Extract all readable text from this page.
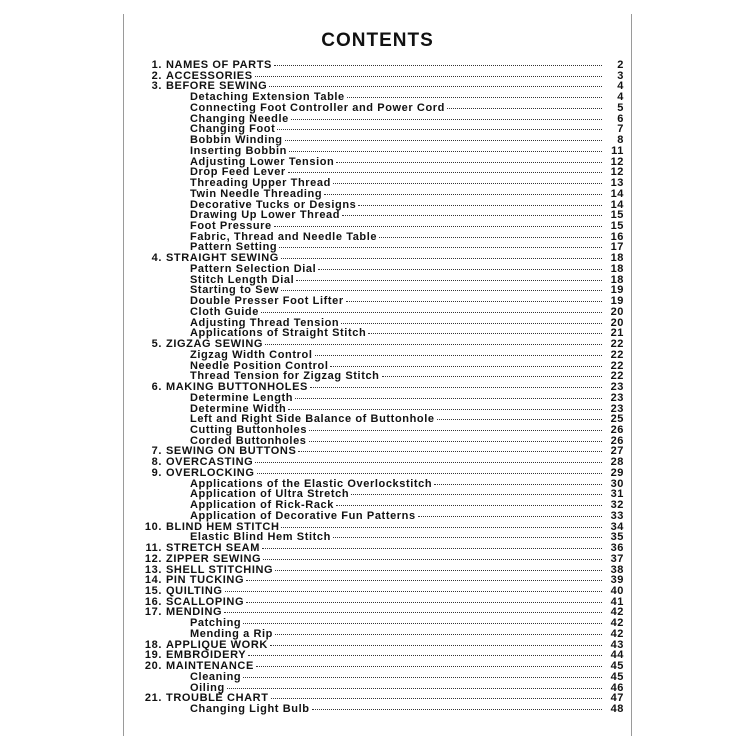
CONTENTS
1. NAMES OF PARTS	2
2. ACCESSORIES	3
3. BEFORE SEWING	4
Detaching Extension Table	4
Connecting Foot Controller and Power Cord	5
Changing Needle	6
Changing Foot	7
Bobbin Winding	8
Inserting Bobbin	11
Adjusting Lower Tension	12
Drop Feed Lever	12
Threading Upper Thread	13
Twin Needle Threading	14
Decorative Tucks or Designs	14
Drawing Up Lower Thread	15
Foot Pressure	15
Fabric, Thread and Needle Table	16
Pattern Setting	17
4. STRAIGHT SEWING	18
Pattern Selection Dial	18
Stitch Length Dial	18
Starting to Sew	19
Double Presser Foot Lifter	19
Cloth Guide	20
Adjusting Thread Tension	20
Applications of Straight Stitch	21
5. ZIGZAG SEWING	22
Zigzag Width Control	22
Needle Position Control	22
Thread Tension for Zigzag Stitch	22
6. MAKING BUTTONHOLES	23
Determine Length	23
Determine Width	23
Left and Right Side Balance of Buttonhole	25
Cutting Buttonholes	26
Corded Buttonholes	26
7. SEWING ON BUTTONS	27
8. OVERCASTING	28
9. OVERLOCKING	29
Applications of the Elastic Overlockstitch	30
Application of Ultra Stretch	31
Application of Rick-Rack	32
Application of Decorative Fun Patterns	33
10. BLIND HEM STITCH	34
Elastic Blind Hem Stitch	35
11. STRETCH SEAM	36
12. ZIPPER SEWING	37
13. SHELL STITCHING	38
14. PIN TUCKING	39
15. QUILTING	40
16. SCALLOPING	41
17. MENDING	42
Patching	42
Mending a Rip	42
18. APPLIQUE WORK	43
19. EMBROIDERY	44
20. MAINTENANCE	45
Cleaning	45
Oiling	46
21. TROUBLE CHART	47
Changing Light Bulb	48
